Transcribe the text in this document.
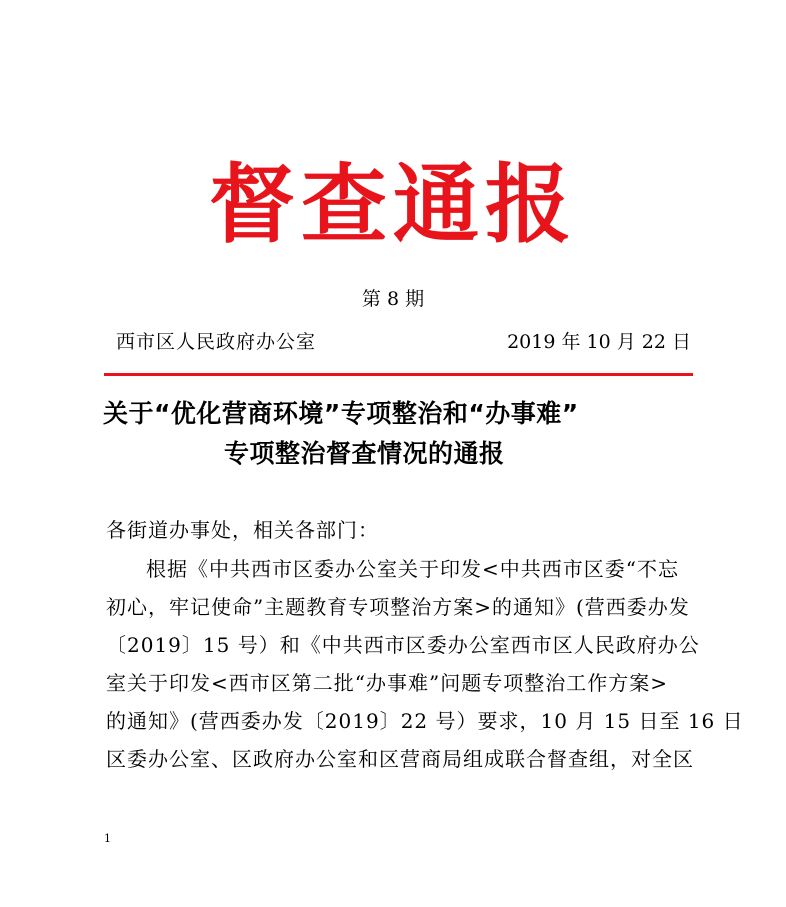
督查通报
第 8 期
西市区人民政府办公室	2019 年 10 月 22 日
关于“优化营商环境”专项整治和“办事难”
专项整治督查情况的通报
各街道办事处，相关各部门：
根据《中共西市区委办公室关于印发<中共西市区委“不忘
初心，牢记使命”主题教育专项整治方案>的通知》(营西委办发
〔2019〕15 号）和《中共西市区委办公室西市区人民政府办公
室关于印发<西市区第二批“办事难”问题专项整治工作方案>
的通知》(营西委办发〔2019〕22 号）要求，10 月 15 日至 16 日
区委办公室、区政府办公室和区营商局组成联合督查组，对全区
1
